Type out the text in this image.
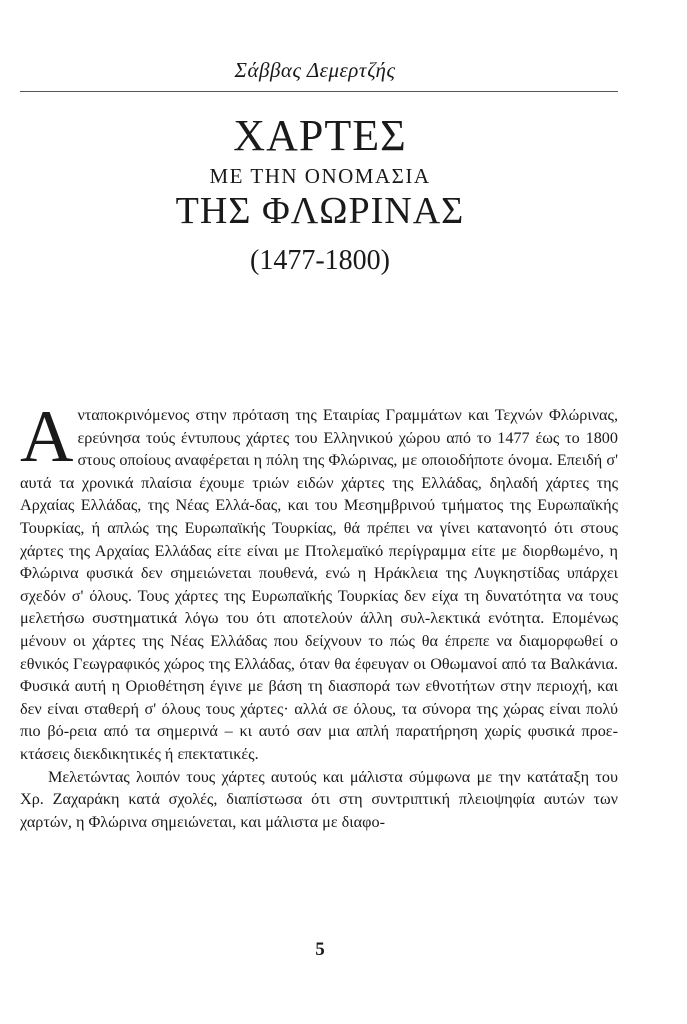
Σάββας Δεμερτζής
ΧΑΡΤΕΣ
ΜΕ ΤΗΝ ΟΝΟΜΑΣΙΑ
ΤΗΣ ΦΛΩΡΙΝΑΣ
(1477-1800)

Ανταποκρινόμενος στην πρόταση της Εταιρίας Γραμμάτων και Τεχνών Φλώρινας, ερεύνησα τούς έντυπους χάρτες του Ελληνικού χώρου από το 1477 έως το 1800 στους οποίους αναφέρεται η πόλη της Φλώρινας, με οποιοδήποτε όνομα. Επειδή σ' αυτά τα χρονικά πλαίσια έχουμε τριών ειδών χάρτες της Ελλάδας, δηλαδή χάρτες της Αρχαίας Ελλάδας, της Νέας Ελλά-δας, και του Μεσημβρινού τμήματος της Ευρωπαϊκής Τουρκίας, ή απλώς της Ευρωπαϊκής Τουρκίας, θά πρέπει να γίνει κατανοητό ότι στους χάρτες της Αρχαίας Ελλάδας είτε είναι με Πτολεμαϊκό περίγραμμα είτε με διορθωμένο, η Φλώρινα φυσικά δεν σημειώνεται πουθενά, ενώ η Ηράκλεια της Λυγκηστίδας υπάρχει σχεδόν σ' όλους. Τους χάρτες της Ευρωπαϊκής Τουρκίας δεν είχα τη δυνατότητα να τους μελετήσω συστηματικά λόγω του ότι αποτελούν άλλη συλ-λεκτικά ενότητα. Επομένως μένουν οι χάρτες της Νέας Ελλάδας που δείχνουν το πώς θα έπρεπε να διαμορφωθεί ο εθνικός Γεωγραφικός χώρος της Ελλάδας, όταν θα έφευγαν οι Οθωμανοί από τα Βαλκάνια. Φυσικά αυτή η Οριοθέτηση έγινε με βάση τη διασπορά των εθνοτήτων στην περιοχή, και δεν είναι σταθερή σ' όλους τους χάρτες· αλλά σε όλους, τα σύνορα της χώρας είναι πολύ πιο βό-ρεια από τα σημερινά – κι αυτό σαν μια απλή παρατήρηση χωρίς φυσικά προε-κτάσεις διεκδικητικές ή επεκτατικές.

Μελετώντας λοιπόν τους χάρτες αυτούς και μάλιστα σύμφωνα με την κατάταξη του Χρ. Ζαχαράκη κατά σχολές, διαπίστωσα ότι στη συντριπτική πλειοψηφία αυτών των χαρτών, η Φλώρινα σημειώνεται, και μάλιστα με διαφο-

5
